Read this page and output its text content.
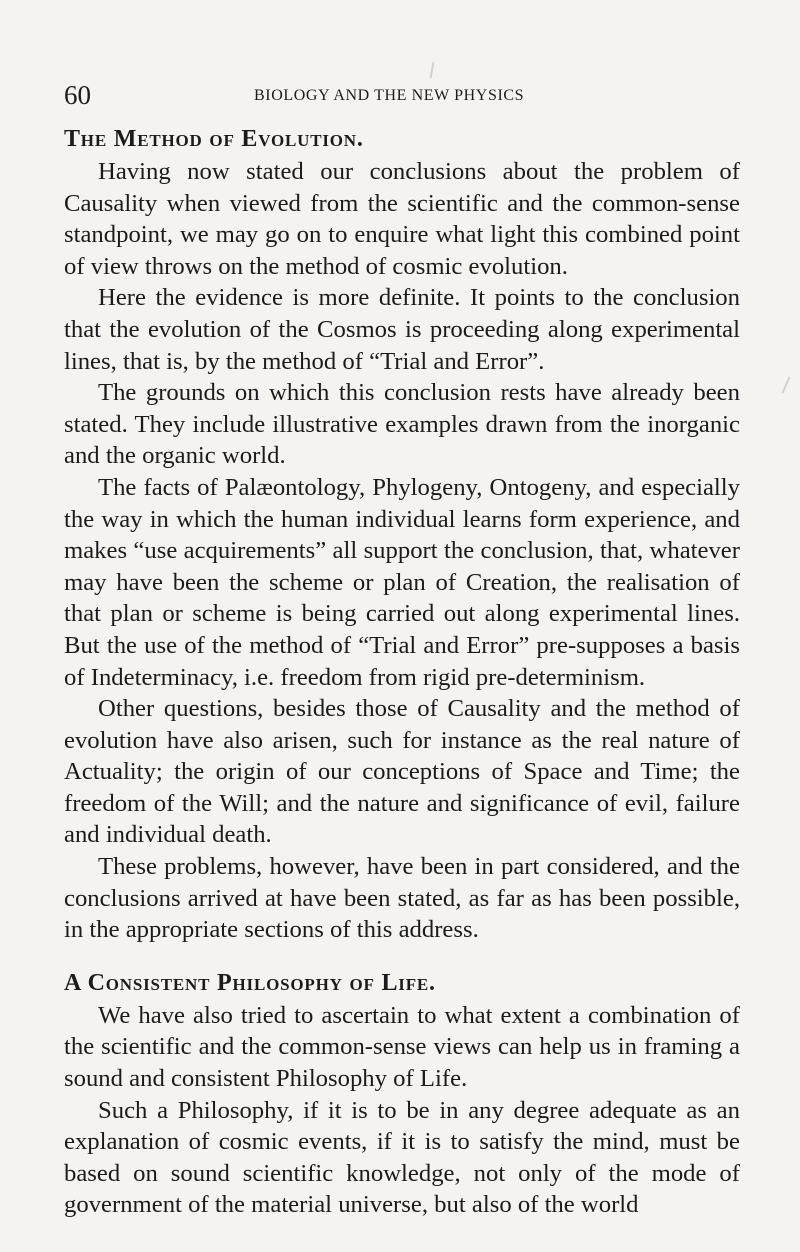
60	BIOLOGY AND THE NEW PHYSICS
The Method of Evolution.

Having now stated our conclusions about the problem of Causality when viewed from the scientific and the common-sense standpoint, we may go on to enquire what light this combined point of view throws on the method of cosmic evolution.

Here the evidence is more definite. It points to the conclusion that the evolution of the Cosmos is proceeding along experimental lines, that is, by the method of “Trial and Error”.

The grounds on which this conclusion rests have already been stated. They include illustrative examples drawn from the inorganic and the organic world.

The facts of Palæontology, Phylogeny, Ontogeny, and especially the way in which the human individual learns form experience, and makes “use acquirements” all support the conclusion, that, whatever may have been the scheme or plan of Creation, the realisation of that plan or scheme is being carried out along experimental lines. But the use of the method of “Trial and Error” pre-supposes a basis of Indeterminacy, i.e. freedom from rigid pre-determinism.

Other questions, besides those of Causality and the method of evolution have also arisen, such for instance as the real nature of Actuality; the origin of our conceptions of Space and Time; the freedom of the Will; and the nature and significance of evil, failure and individual death.

These problems, however, have been in part considered, and the conclusions arrived at have been stated, as far as has been possible, in the appropriate sections of this address.

A Consistent Philosophy of Life.

We have also tried to ascertain to what extent a combination of the scientific and the common-sense views can help us in framing a sound and consistent Philosophy of Life.

Such a Philosophy, if it is to be in any degree adequate as an explanation of cosmic events, if it is to satisfy the mind, must be based on sound scientific knowledge, not only of the mode of government of the material universe, but also of the world
